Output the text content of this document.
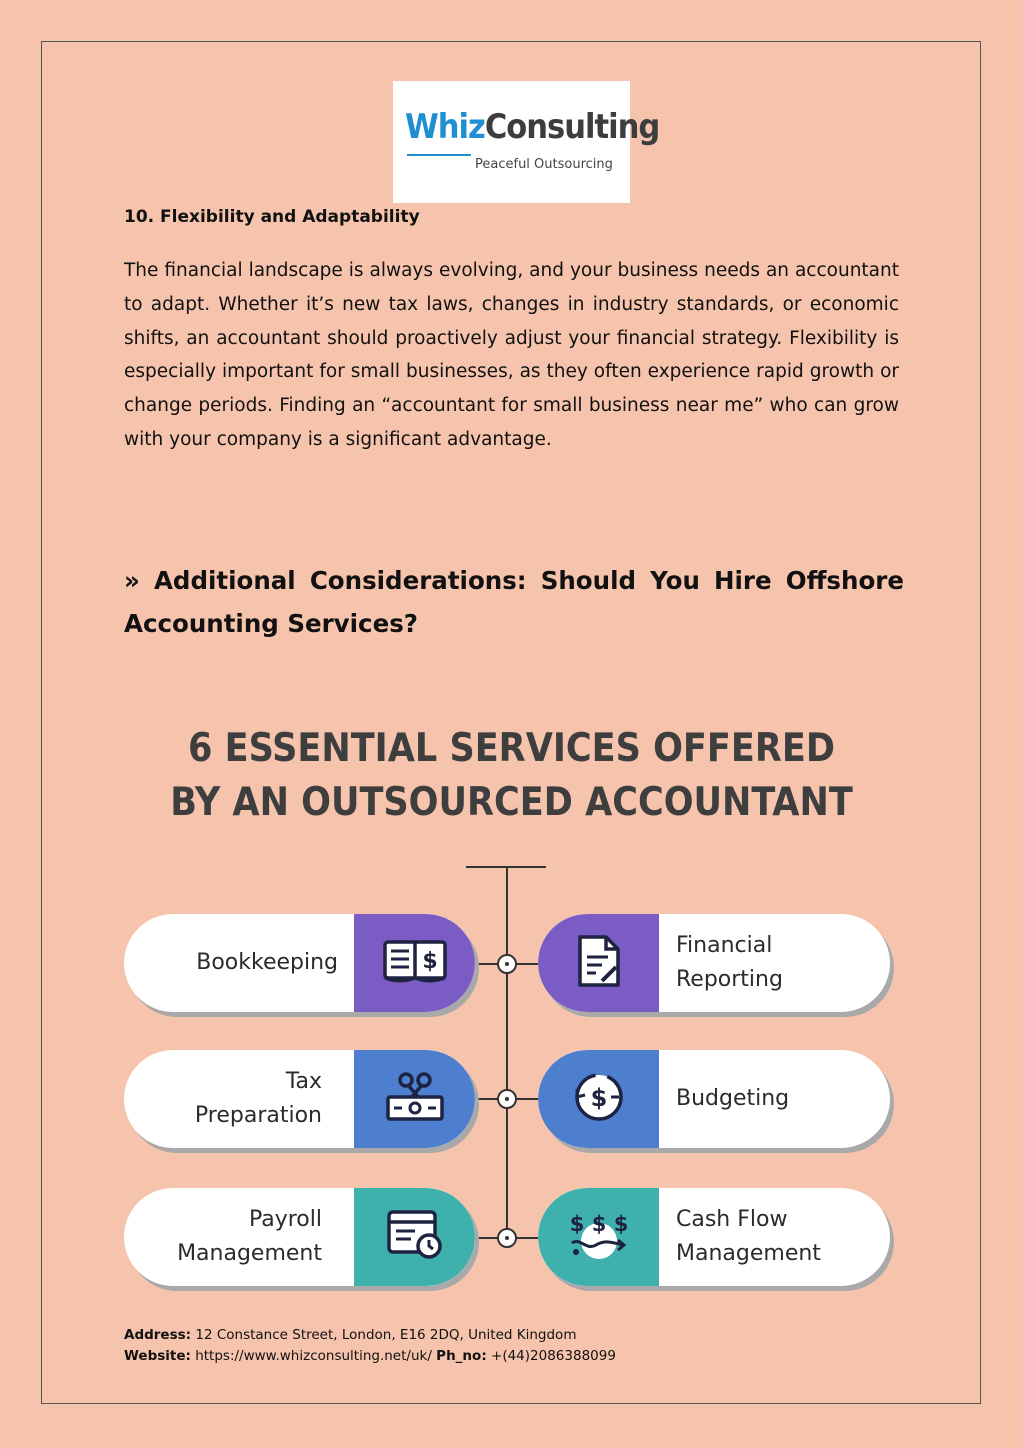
WhizConsulting
Peaceful Outsourcing
10. Flexibility and Adaptability
The financial landscape is always evolving, and your business needs an accountant to adapt. Whether it’s new tax laws, changes in industry standards, or economic shifts, an accountant should proactively adjust your financial strategy. Flexibility is especially important for small businesses, as they often experience rapid growth or change periods. Finding an “accountant for small business near me” who can grow with your company is a significant advantage.
» Additional Considerations: Should You Hire Offshore Accounting Services?
6 ESSENTIAL SERVICES OFFERED
BY AN OUTSOURCED ACCOUNTANT
Bookkeeping	$
Financial
Reporting
Tax
Preparation
$	Budgeting
Payroll
Management
$ $ $ Cash Flow
Management
Address: 12 Constance Street, London, E16 2DQ, United Kingdom
Website: https://www.whizconsulting.net/uk/ Ph_no: +(44)2086388099
